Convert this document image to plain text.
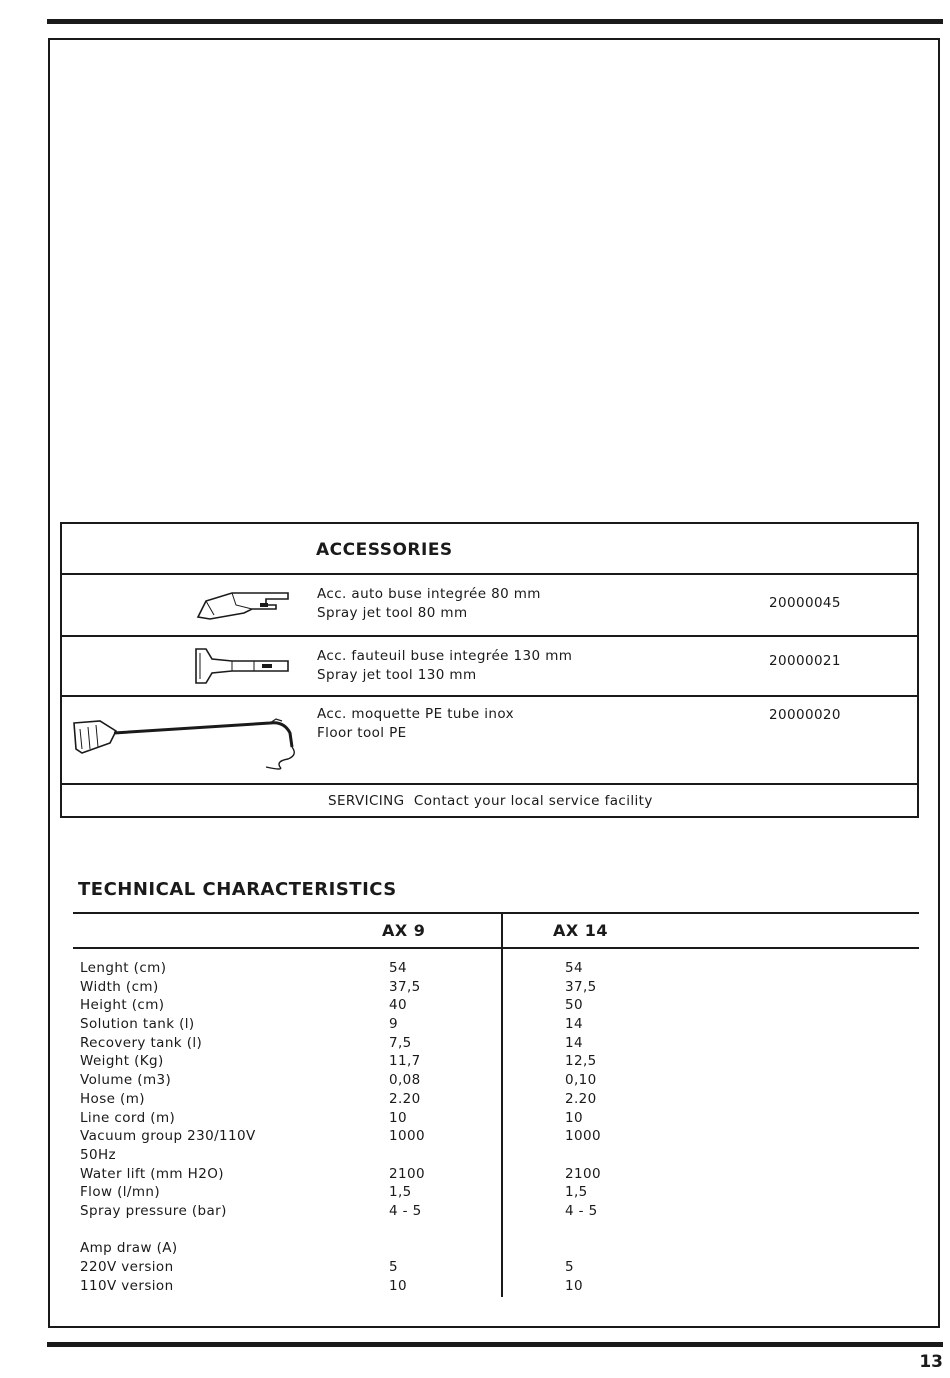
ACCESSORIES
Acc. auto buse integrée 80 mm
Spray jet tool 80 mm
20000045
Acc. fauteuil buse integrée 130 mm
Spray jet tool 130 mm
20000021
Acc. moquette PE tube inox
Floor tool PE
20000020
SERVICING  Contact your local service facility
TECHNICAL CHARACTERISTICS
AX 9	AX 14
Lenght (cm)
Width (cm)
Height (cm)
Solution tank (l)
Recovery tank (l)
Weight (Kg)
Volume (m3)
Hose (m)
Line cord (m)
Vacuum group 230/110V
50Hz
Water lift (mm H2O)
Flow (l/mn)
Spray pressure (bar)
Amp draw (A)
220V version
110V version
54
37,5
40
9
7,5
11,7
0,08
2.20
10
1000
2100
1,5
4 - 5
5
10
54
37,5
50
14
14
12,5
0,10
2.20
10
1000
2100
1,5
4 - 5
5
10
13
